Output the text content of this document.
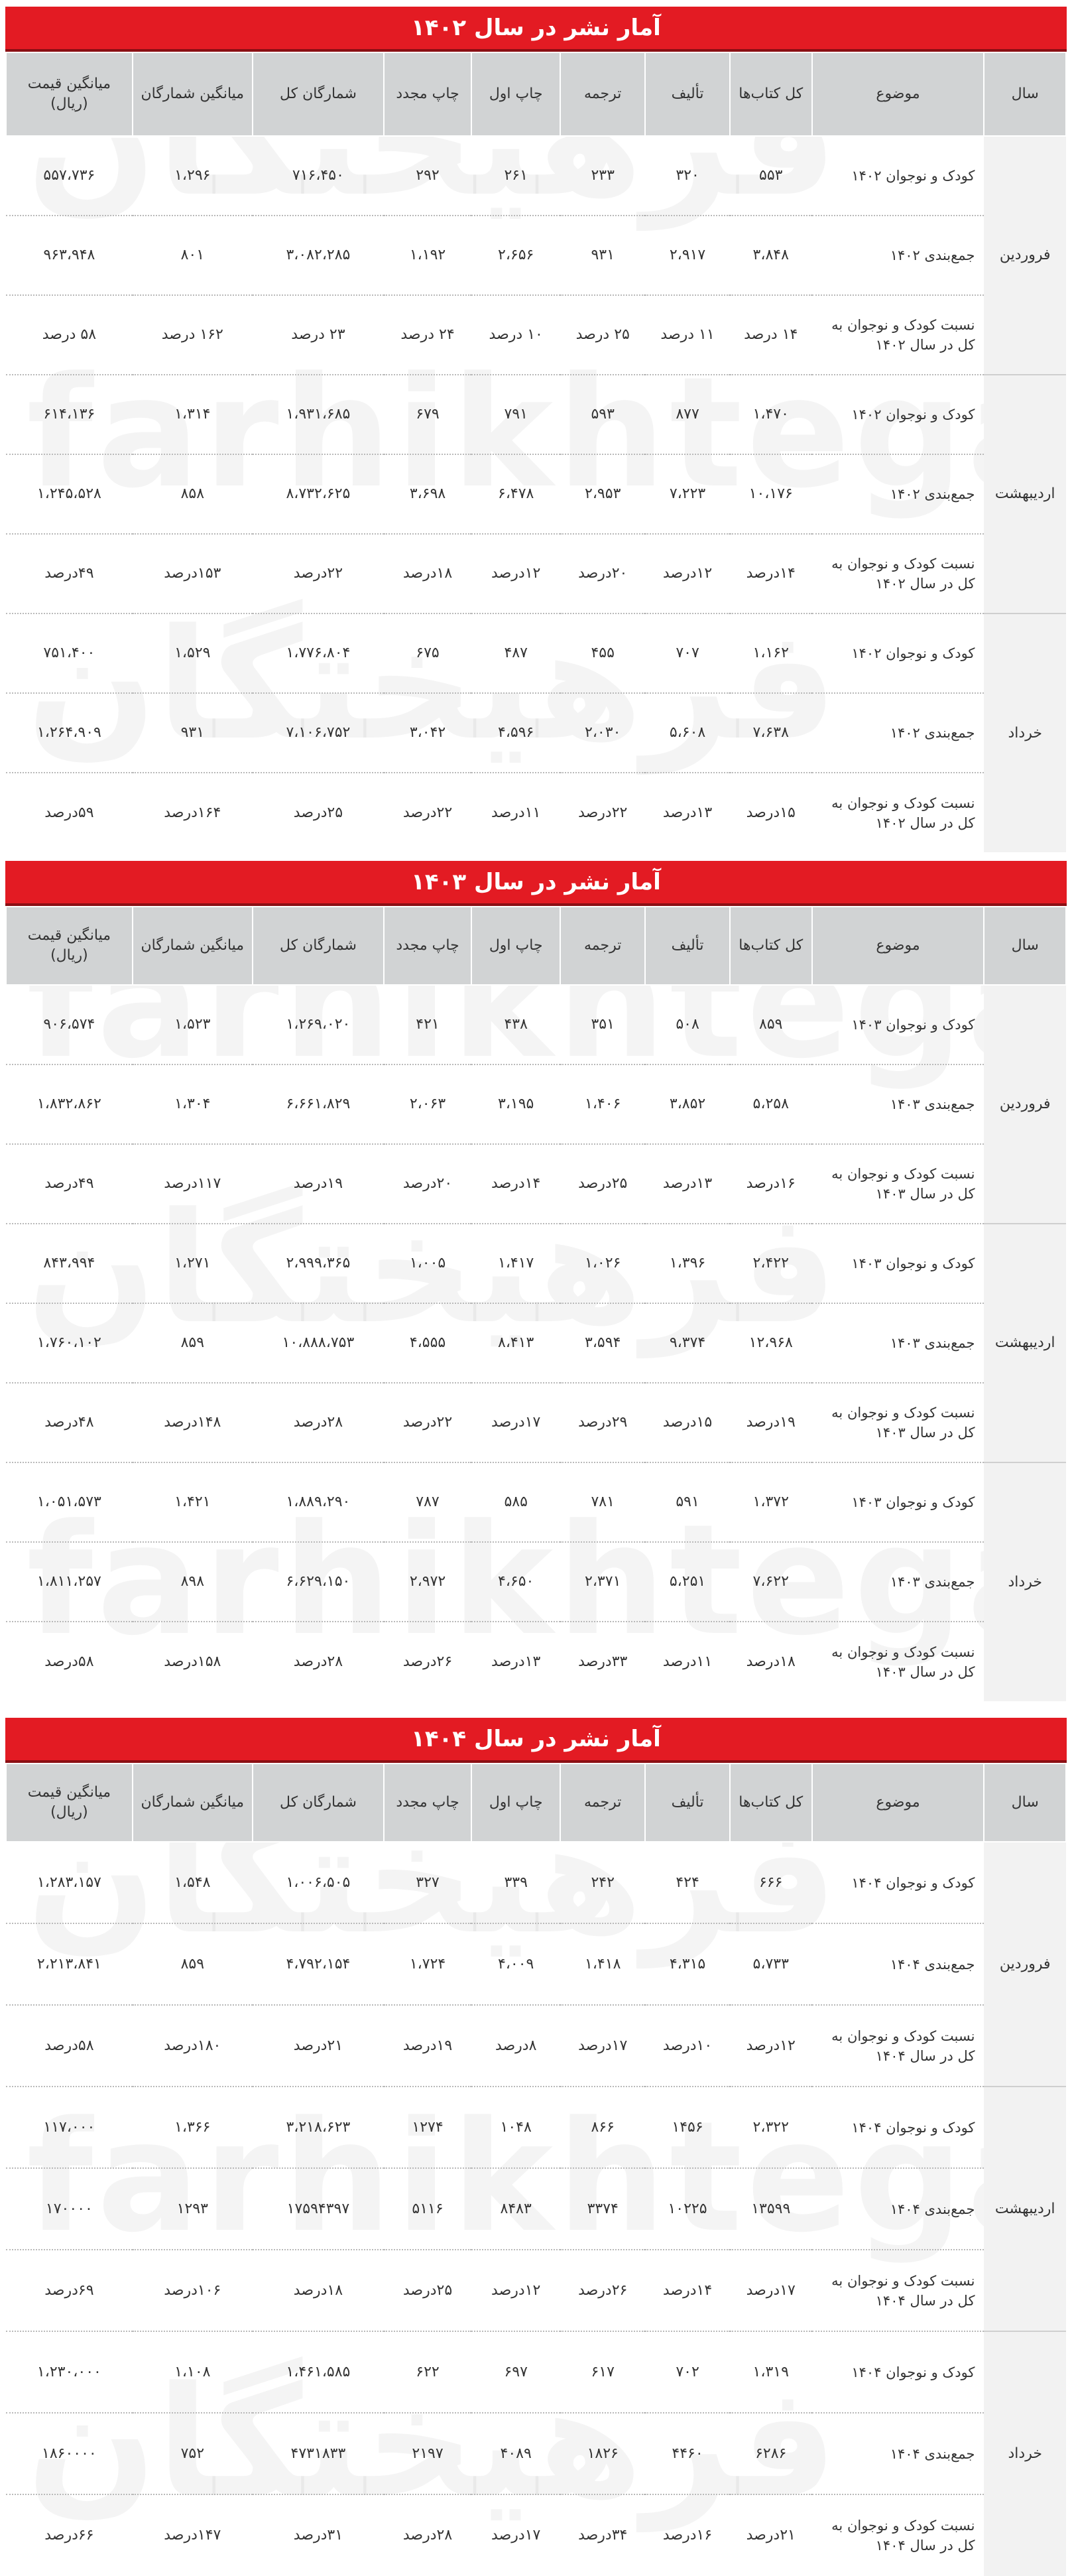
آمار نشر در سال ۱۴۰۲
سال	موضوع	کل کتاب‌ها	تألیف	ترجمه	چاپ اول	چاپ مجدد	شمارگان کل	میانگین شمارگان	میانگین قیمت (ریال)
فروردین	کودک و نوجوان ۱۴۰۲	۵۵۳	۳۲۰	۲۳۳	۲۶۱	۲۹۲	۷۱۶،۴۵۰	۱،۲۹۶	۵۵۷،۷۳۶
	جمع‌بندی ۱۴۰۲	۳،۸۴۸	۲،۹۱۷	۹۳۱	۲،۶۵۶	۱،۱۹۲	۳،۰۸۲،۲۸۵	۸۰۱	۹۶۳،۹۴۸
	نسبت کودک و نوجوان به کل در سال ۱۴۰۲	۱۴ درصد	۱۱ درصد	۲۵ درصد	۱۰ درصد	۲۴ درصد	۲۳ درصد	۱۶۲ درصد	۵۸ درصد
اردیبهشت	کودک و نوجوان ۱۴۰۲	۱،۴۷۰	۸۷۷	۵۹۳	۷۹۱	۶۷۹	۱،۹۳۱،۶۸۵	۱،۳۱۴	۶۱۴،۱۳۶
	جمع‌بندی ۱۴۰۲	۱۰،۱۷۶	۷،۲۲۳	۲،۹۵۳	۶،۴۷۸	۳،۶۹۸	۸،۷۳۲،۶۲۵	۸۵۸	۱،۲۴۵،۵۲۸
	نسبت کودک و نوجوان به کل در سال ۱۴۰۲	۱۴درصد	۱۲درصد	۲۰درصد	۱۲درصد	۱۸درصد	۲۲درصد	۱۵۳درصد	۴۹درصد
خرداد	کودک و نوجوان ۱۴۰۲	۱،۱۶۲	۷۰۷	۴۵۵	۴۸۷	۶۷۵	۱،۷۷۶،۸۰۴	۱،۵۲۹	۷۵۱،۴۰۰
	جمع‌بندی ۱۴۰۲	۷،۶۳۸	۵،۶۰۸	۲،۰۳۰	۴،۵۹۶	۳،۰۴۲	۷،۱۰۶،۷۵۲	۹۳۱	۱،۲۶۴،۹۰۹
	نسبت کودک و نوجوان به کل در سال ۱۴۰۲	۱۵درصد	۱۳درصد	۲۲درصد	۱۱درصد	۲۲درصد	۲۵درصد	۱۶۴درصد	۵۹درصد
آمار نشر در سال ۱۴۰۳
سال	موضوع	کل کتاب‌ها	تألیف	ترجمه	چاپ اول	چاپ مجدد	شمارگان کل	میانگین شمارگان	میانگین قیمت (ریال)
فروردین	کودک و نوجوان ۱۴۰۳	۸۵۹	۵۰۸	۳۵۱	۴۳۸	۴۲۱	۱،۲۶۹،۰۲۰	۱،۵۲۳	۹۰۶،۵۷۴
	جمع‌بندی ۱۴۰۳	۵،۲۵۸	۳،۸۵۲	۱،۴۰۶	۳،۱۹۵	۲،۰۶۳	۶،۶۶۱،۸۲۹	۱،۳۰۴	۱،۸۳۲،۸۶۲
	نسبت کودک و نوجوان به کل در سال ۱۴۰۳	۱۶درصد	۱۳درصد	۲۵درصد	۱۴درصد	۲۰درصد	۱۹درصد	۱۱۷درصد	۴۹درصد
اردیبهشت	کودک و نوجوان ۱۴۰۳	۲،۴۲۲	۱،۳۹۶	۱،۰۲۶	۱،۴۱۷	۱،۰۰۵	۲،۹۹۹،۳۶۵	۱،۲۷۱	۸۴۳،۹۹۴
	جمع‌بندی ۱۴۰۳	۱۲،۹۶۸	۹،۳۷۴	۳،۵۹۴	۸،۴۱۳	۴،۵۵۵	۱۰،۸۸۸،۷۵۳	۸۵۹	۱،۷۶۰،۱۰۲
	نسبت کودک و نوجوان به کل در سال ۱۴۰۳	۱۹درصد	۱۵درصد	۲۹درصد	۱۷درصد	۲۲درصد	۲۸درصد	۱۴۸درصد	۴۸درصد
خرداد	کودک و نوجوان ۱۴۰۳	۱،۳۷۲	۵۹۱	۷۸۱	۵۸۵	۷۸۷	۱،۸۸۹،۲۹۰	۱،۴۲۱	۱،۰۵۱،۵۷۳
	جمع‌بندی ۱۴۰۳	۷،۶۲۲	۵،۲۵۱	۲،۳۷۱	۴،۶۵۰	۲،۹۷۲	۶،۶۲۹،۱۵۰	۸۹۸	۱،۸۱۱،۲۵۷
	نسبت کودک و نوجوان به کل در سال ۱۴۰۳	۱۸درصد	۱۱درصد	۳۳درصد	۱۳درصد	۲۶درصد	۲۸درصد	۱۵۸درصد	۵۸درصد
آمار نشر در سال ۱۴۰۴
سال	موضوع	کل کتاب‌ها	تألیف	ترجمه	چاپ اول	چاپ مجدد	شمارگان کل	میانگین شمارگان	میانگین قیمت (ریال)
فروردین	کودک و نوجوان ۱۴۰۴	۶۶۶	۴۲۴	۲۴۲	۳۳۹	۳۲۷	۱،۰۰۶،۵۰۵	۱،۵۴۸	۱،۲۸۳،۱۵۷
	جمع‌بندی ۱۴۰۴	۵،۷۳۳	۴،۳۱۵	۱،۴۱۸	۴،۰۰۹	۱،۷۲۴	۴،۷۹۲،۱۵۴	۸۵۹	۲،۲۱۳،۸۴۱
	نسبت کودک و نوجوان به کل در سال ۱۴۰۴	۱۲درصد	۱۰درصد	۱۷درصد	۸درصد	۱۹درصد	۲۱درصد	۱۸۰درصد	۵۸درصد
اردیبهشت	کودک و نوجوان ۱۴۰۴	۲،۳۲۲	۱۴۵۶	۸۶۶	۱۰۴۸	۱۲۷۴	۳،۲۱۸،۶۲۳	۱،۳۶۶	۱۱۷،۰۰۰
	جمع‌بندی ۱۴۰۴	۱۳۵۹۹	۱۰۲۲۵	۳۳۷۴	۸۴۸۳	۵۱۱۶	۱۷۵۹۴۳۹۷	۱۲۹۳	۱۷۰۰۰۰
	نسبت کودک و نوجوان به کل در سال ۱۴۰۴	۱۷درصد	۱۴درصد	۲۶درصد	۱۲درصد	۲۵درصد	۱۸درصد	۱۰۶درصد	۶۹درصد
خرداد	کودک و نوجوان ۱۴۰۴	۱،۳۱۹	۷۰۲	۶۱۷	۶۹۷	۶۲۲	۱،۴۶۱،۵۸۵	۱،۱۰۸	۱،۲۳۰،۰۰۰
	جمع‌بندی ۱۴۰۴	۶۲۸۶	۴۴۶۰	۱۸۲۶	۴۰۸۹	۲۱۹۷	۴۷۳۱۸۳۳	۷۵۲	۱۸۶۰۰۰۰
	نسبت کودک و نوجوان به کل در سال ۱۴۰۴	۲۱درصد	۱۶درصد	۳۴درصد	۱۷درصد	۲۸درصد	۳۱درصد	۱۴۷درصد	۶۶درصد
